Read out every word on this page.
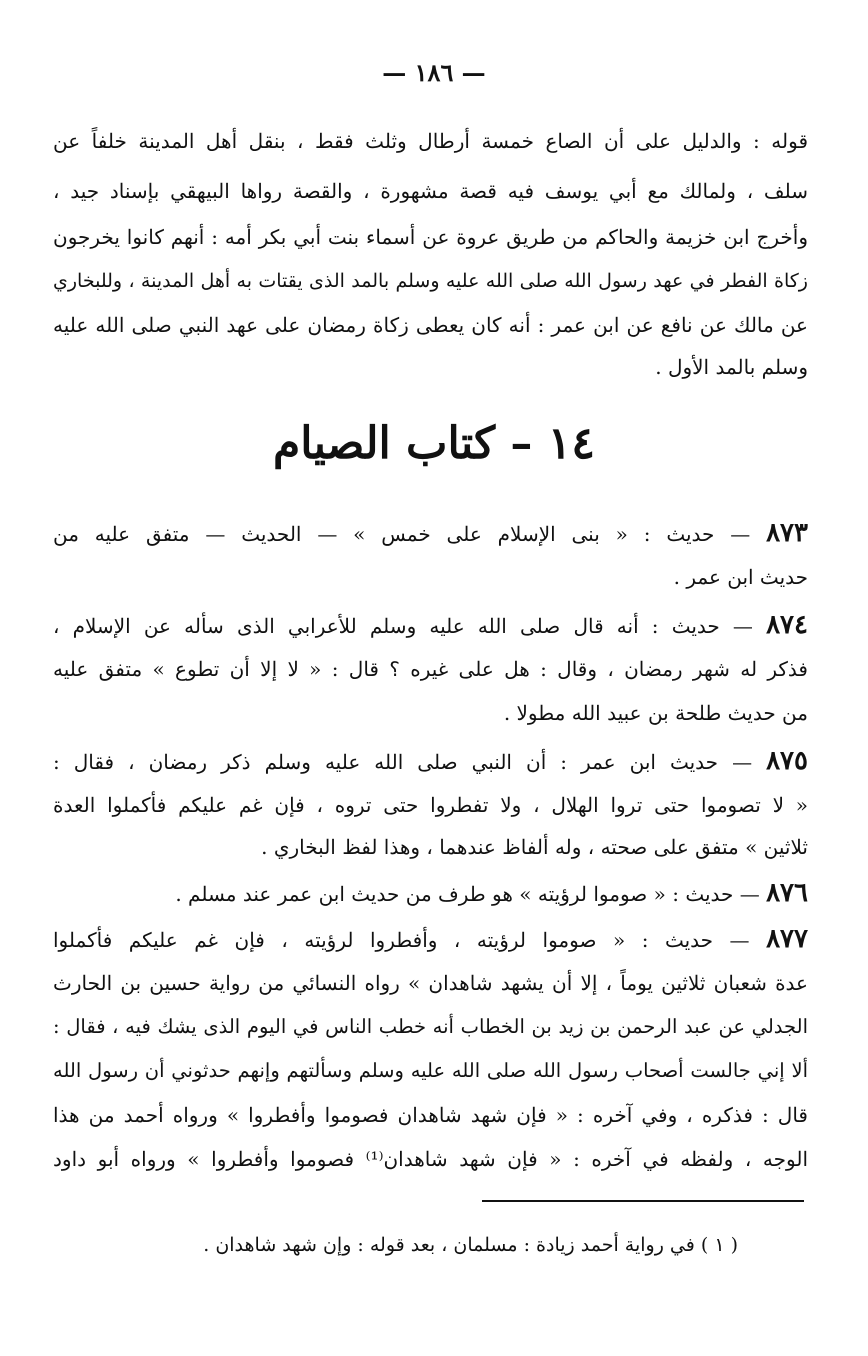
— ١٨٦ —
قوله : والدليل على أن الصاع خمسة أرطال وثلث فقط ، بنقل أهل المدينة خلفاً عن
سلف ، ولمالك مع أبي يوسف فيه قصة مشهورة ، والقصة رواها البيهقي بإسناد جيد ،
وأخرج ابن خزيمة والحاكم من طريق عروة عن أسماء بنت أبي بكر أمه : أنهم كانوا يخرجون
زكاة الفطر في عهد رسول الله صلى الله عليه وسلم بالمد الذى يقتات به أهل المدينة ، وللبخاري
عن مالك عن نافع عن ابن عمر : أنه كان يعطى زكاة رمضان على عهد النبي صلى الله عليه
وسلم بالمد الأول .
١٤ – كتاب الصيام
٨٧٣ — حديث : « بنى الإسلام على خمس » — الحديث — متفق عليه من
حديث ابن عمر .
٨٧٤ — حديث : أنه قال صلى الله عليه وسلم للأعرابي الذى سأله عن الإسلام ،
فذكر له شهر رمضان ، وقال : هل على غيره ؟ قال : « لا إلا أن تطوع » متفق عليه
من حديث طلحة بن عبيد الله مطولا .
٨٧٥ — حديث ابن عمر : أن النبي صلى الله عليه وسلم ذكر رمضان ، فقال :
« لا تصوموا حتى تروا الهلال ، ولا تفطروا حتى تروه ، فإن غم عليكم فأكملوا العدة
ثلاثين » متفق على صحته ، وله ألفاظ عندهما ، وهذا لفظ البخاري .
٨٧٦ — حديث : « صوموا لرؤيته » هو طرف من حديث ابن عمر عند مسلم .
٨٧٧ — حديث : « صوموا لرؤيته ، وأفطروا لرؤيته ، فإن غم عليكم فأكملوا
عدة شعبان ثلاثين يوماً ، إلا أن يشهد شاهدان » رواه النسائي من رواية حسين بن الحارث
الجدلي عن عبد الرحمن بن زيد بن الخطاب أنه خطب الناس في اليوم الذى يشك فيه ، فقال :
ألا إني جالست أصحاب رسول الله صلى الله عليه وسلم وسألتهم وإنهم حدثوني أن رسول الله
قال : فذكره ، وفي آخره : « فإن شهد شاهدان فصوموا وأفطروا » ورواه أحمد من هذا
الوجه ، ولفظه في آخره : « فإن شهد شاهدان⁽¹⁾ فصوموا وأفطروا » ورواه أبو داود
( ١ ) في رواية أحمد زيادة : مسلمان ، بعد قوله : وإن شهد شاهدان .
